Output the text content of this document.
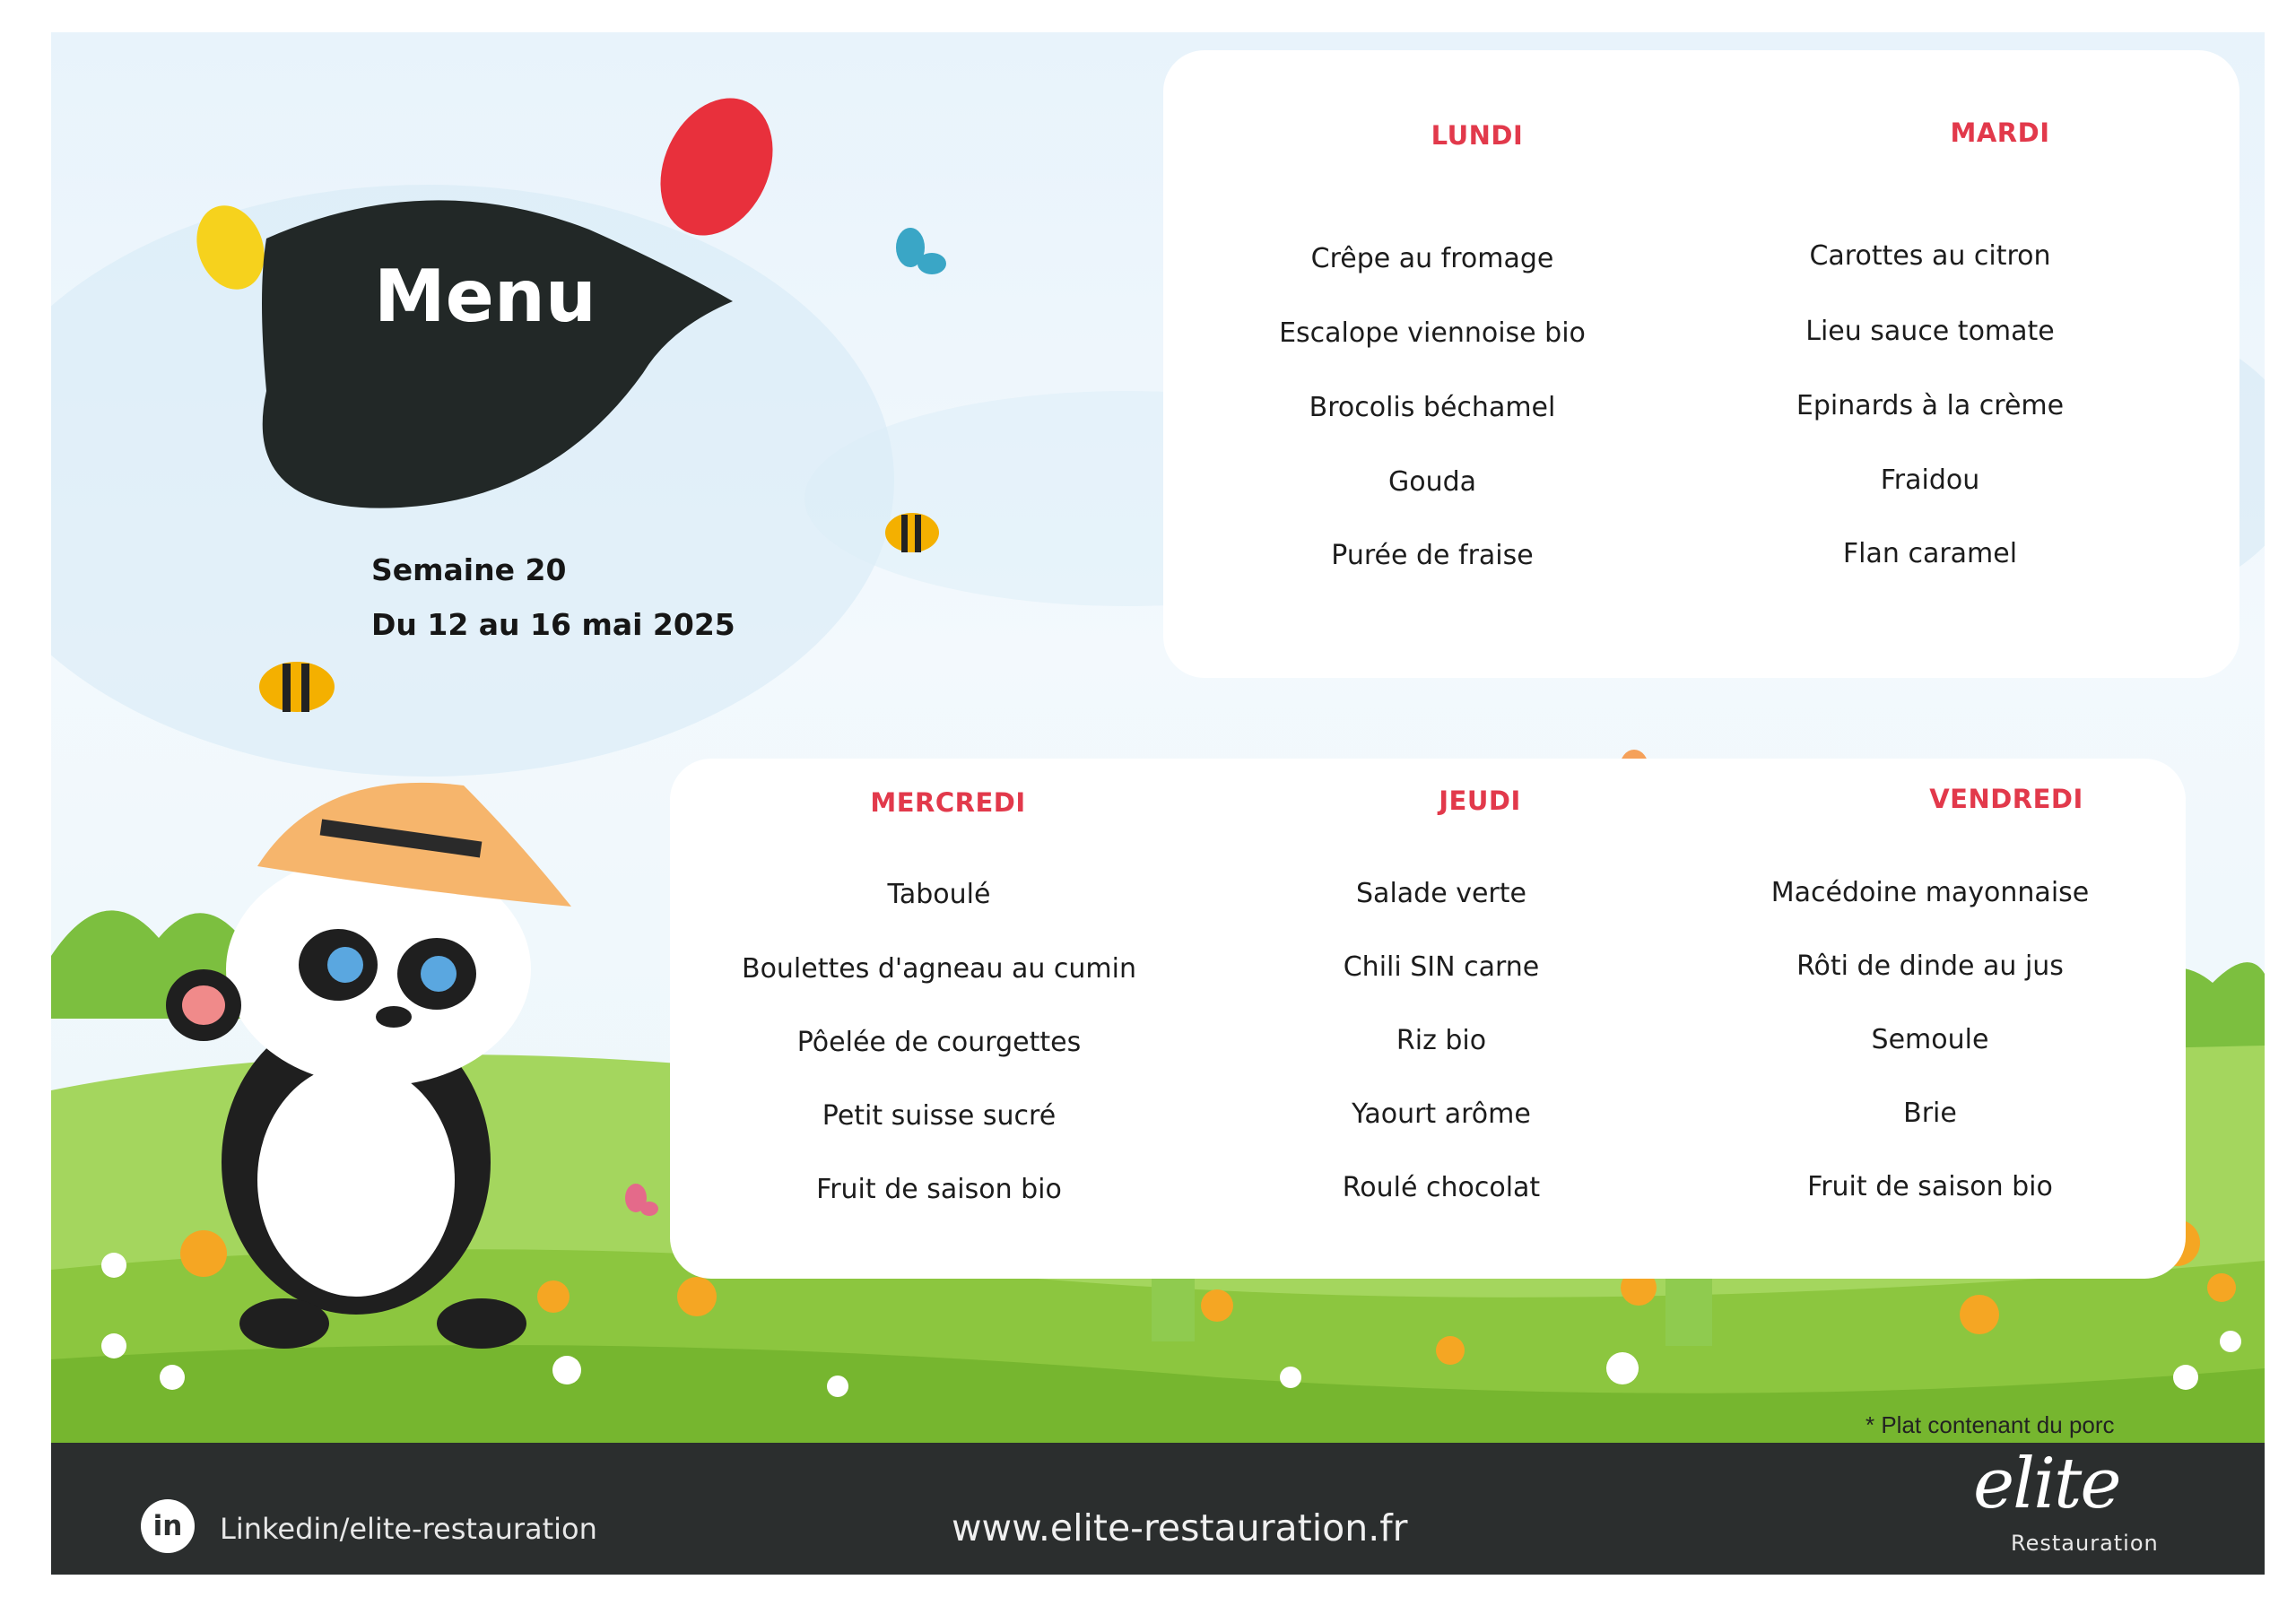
Menu
Semaine 20
Du 12 au 16 mai 2025
LUNDI
Crêpe au fromage
Escalope viennoise bio
Brocolis béchamel
Gouda
Purée de fraise
MARDI
Carottes au citron
Lieu sauce tomate
Epinards à la crème
Fraidou
Flan caramel
MERCREDI
Taboulé
Boulettes d'agneau au cumin
Pôelée de courgettes
Petit suisse sucré
Fruit de saison bio
JEUDI
Salade verte
Chili SIN carne
Riz bio
Yaourt arôme
Roulé chocolat
VENDREDI
Macédoine mayonnaise
Rôti de dinde au jus
Semoule
Brie
Fruit de saison bio
* Plat contenant du porc
in	Linkedin/elite-restauration	www.elite-restauration.fr
elite
Restauration
